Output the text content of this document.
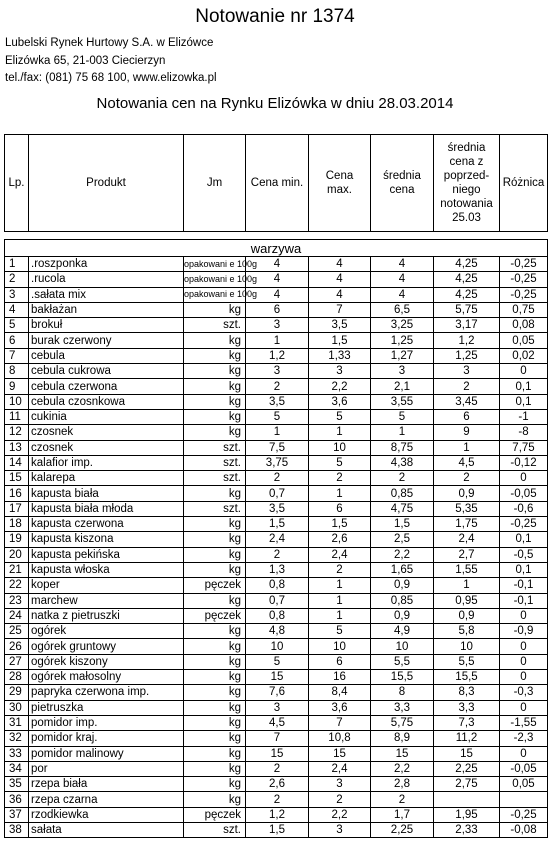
Notowanie nr 1374
Lubelski Rynek Hurtowy S.A. w Elizówce
Elizówka 65, 21-003 Ciecierzyn
tel./fax: (081) 75 68 100, www.elizowka.pl
Notowania cen na Rynku Elizówka w dniu 28.03.2014
Lp.	Produkt	Jm	Cena min.	Cena max.	średnia cena	średnia cena z poprzed-niego notowania 25.03	Różnica

warzywa							
1	.roszponka	opakowani e 100g	4	4	4	4,25	-0,25
2	.rucola	opakowani e 100g	4	4	4	4,25	-0,25
3	.sałata mix	opakowani e 100g	4	4	4	4,25	-0,25
4	bakłażan	kg	6	7	6,5	5,75	0,75
5	brokuł	szt.	3	3,5	3,25	3,17	0,08
6	burak czerwony	kg	1	1,5	1,25	1,2	0,05
7	cebula	kg	1,2	1,33	1,27	1,25	0,02
8	cebula cukrowa	kg	3	3	3	3	0
9	cebula czerwona	kg	2	2,2	2,1	2	0,1
10	cebula czosnkowa	kg	3,5	3,6	3,55	3,45	0,1
11	cukinia	kg	5	5	5	6	-1
12	czosnek	kg	1	1	1	9	-8
13	czosnek	szt.	7,5	10	8,75	1	7,75
14	kalafior imp.	szt.	3,75	5	4,38	4,5	-0,12
15	kalarepa	szt.	2	2	2	2	0
16	kapusta biała	kg	0,7	1	0,85	0,9	-0,05
17	kapusta biała młoda	szt.	3,5	6	4,75	5,35	-0,6
18	kapusta czerwona	kg	1,5	1,5	1,5	1,75	-0,25
19	kapusta kiszona	kg	2,4	2,6	2,5	2,4	0,1
20	kapusta pekińska	kg	2	2,4	2,2	2,7	-0,5
21	kapusta włoska	kg	1,3	2	1,65	1,55	0,1
22	koper	pęczek	0,8	1	0,9	1	-0,1
23	marchew	kg	0,7	1	0,85	0,95	-0,1
24	natka z pietruszki	pęczek	0,8	1	0,9	0,9	0
25	ogórek	kg	4,8	5	4,9	5,8	-0,9
26	ogórek gruntowy	kg	10	10	10	10	0
27	ogórek kiszony	kg	5	6	5,5	5,5	0
28	ogórek małosolny	kg	15	16	15,5	15,5	0
29	papryka czerwona imp.	kg	7,6	8,4	8	8,3	-0,3
30	pietruszka	kg	3	3,6	3,3	3,3	0
31	pomidor imp.	kg	4,5	7	5,75	7,3	-1,55
32	pomidor kraj.	kg	7	10,8	8,9	11,2	-2,3
33	pomidor malinowy	kg	15	15	15	15	0
34	por	kg	2	2,4	2,2	2,25	-0,05
35	rzepa biała	kg	2,6	3	2,8	2,75	0,05
36	rzepa czarna	kg	2	2	2		
37	rzodkiewka	pęczek	1,2	2,2	1,7	1,95	-0,25
38	sałata	szt.	1,5	3	2,25	2,33	-0,08
